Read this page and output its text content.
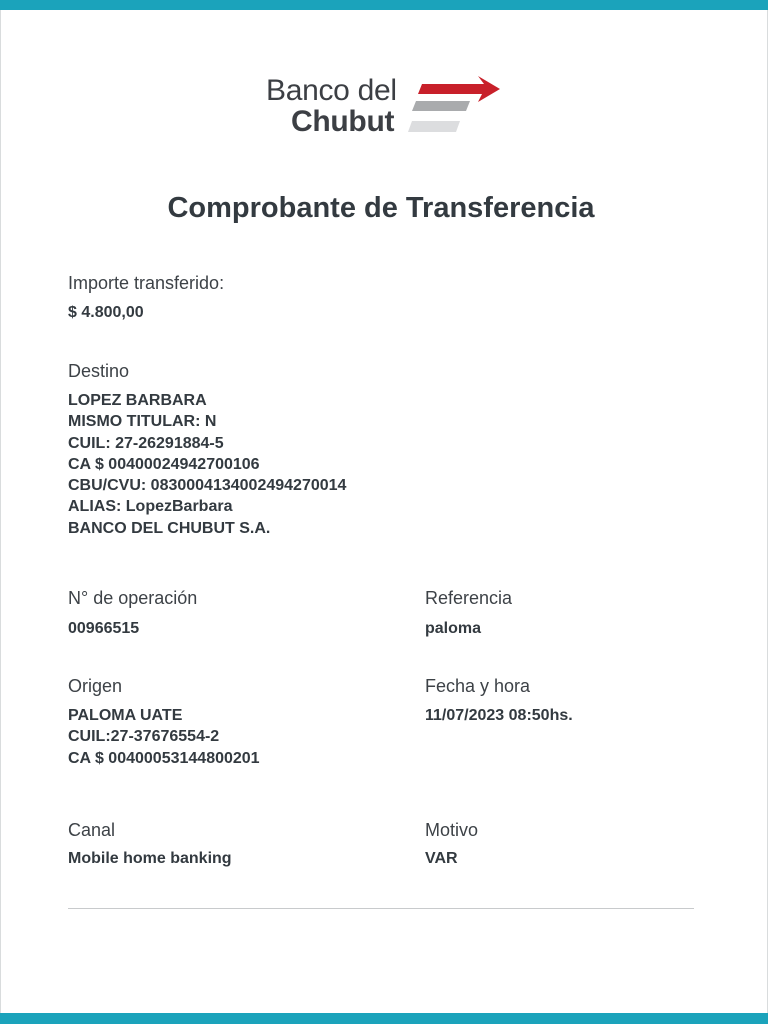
Banco del
Chubut
Comprobante de Transferencia
Importe transferido:
$ 4.800,00
Destino
LOPEZ BARBARA
MISMO TITULAR: N
CUIL: 27-26291884-5
CA $ 00400024942700106
CBU/CVU: 0830004134002494270014
ALIAS: LopezBarbara
BANCO DEL CHUBUT S.A.
N° de operación
00966515
Referencia
paloma
Origen
PALOMA UATE
CUIL:27-37676554-2
CA $ 00400053144800201
Fecha y hora
11/07/2023 08:50hs.
Canal
Mobile home banking
Motivo
VAR
